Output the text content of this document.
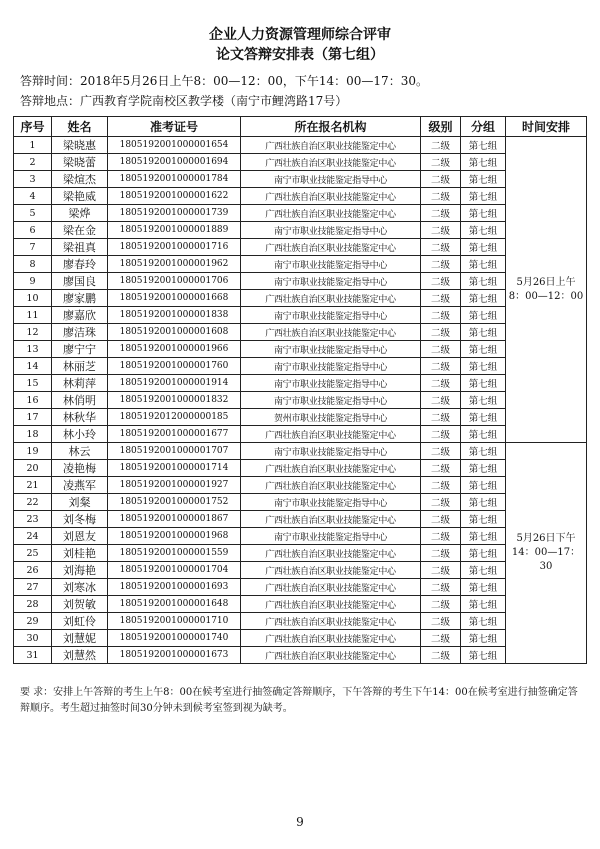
企业人力资源管理师综合评审
论文答辩安排表（第七组）
答辩时间：2018年5月26日上午8：00—12：00，下午14：00—17：30。
答辩地点：广西教育学院南校区教学楼（南宁市鲤湾路17号）
序号	姓名	准考证号	所在报名机构	级别	分组	时间安排
1	梁晓惠	1805192001000001654	广西壮族自治区职业技能鉴定中心	二级	第七组	5月26日上午
8：00—12：00

2	梁晓蕾	1805192001000001694	广西壮族自治区职业技能鉴定中心	二级	第七组	
3	梁煊杰	1805192001000001784	南宁市职业技能鉴定指导中心	二级	第七组	
4	梁艳威	1805192001000001622	广西壮族自治区职业技能鉴定中心	二级	第七组	
5	梁烨	1805192001000001739	广西壮族自治区职业技能鉴定中心	二级	第七组	
6	梁在金	1805192001000001889	南宁市职业技能鉴定指导中心	二级	第七组	
7	梁祖真	1805192001000001716	广西壮族自治区职业技能鉴定中心	二级	第七组	
8	廖春玲	1805192001000001962	南宁市职业技能鉴定指导中心	二级	第七组	
9	廖国良	1805192001000001706	南宁市职业技能鉴定指导中心	二级	第七组	
10	廖家鹏	1805192001000001668	广西壮族自治区职业技能鉴定中心	二级	第七组	
11	廖嘉欣	1805192001000001838	南宁市职业技能鉴定指导中心	二级	第七组	
12	廖洁珠	1805192001000001608	广西壮族自治区职业技能鉴定中心	二级	第七组	
13	廖宁宁	1805192001000001966	南宁市职业技能鉴定指导中心	二级	第七组	
14	林丽芝	1805192001000001760	南宁市职业技能鉴定指导中心	二级	第七组	
15	林莉萍	1805192001000001914	南宁市职业技能鉴定指导中心	二级	第七组	
16	林俏明	1805192001000001832	南宁市职业技能鉴定指导中心	二级	第七组	
17	林秋华	1805192012000000185	贺州市职业技能鉴定指导中心	二级	第七组	
18	林小玲	1805192001000001677	广西壮族自治区职业技能鉴定中心	二级	第七组	
19	林云	1805192001000001707	南宁市职业技能鉴定指导中心	二级	第七组	5月26日下午
14：00—17：30

20	凌艳梅	1805192001000001714	广西壮族自治区职业技能鉴定中心	二级	第七组	
21	凌燕军	1805192001000001927	广西壮族自治区职业技能鉴定中心	二级	第七组	
22	刘粲	1805192001000001752	南宁市职业技能鉴定指导中心	二级	第七组	
23	刘冬梅	1805192001000001867	广西壮族自治区职业技能鉴定中心	二级	第七组	
24	刘恩友	1805192001000001968	南宁市职业技能鉴定指导中心	二级	第七组	
25	刘桂艳	1805192001000001559	广西壮族自治区职业技能鉴定中心	二级	第七组	
26	刘海艳	1805192001000001704	广西壮族自治区职业技能鉴定中心	二级	第七组	
27	刘寒冰	1805192001000001693	广西壮族自治区职业技能鉴定中心	二级	第七组	
28	刘贺敏	1805192001000001648	广西壮族自治区职业技能鉴定中心	二级	第七组	
29	刘虹伶	1805192001000001710	广西壮族自治区职业技能鉴定中心	二级	第七组	
30	刘慧妮	1805192001000001740	广西壮族自治区职业技能鉴定中心	二级	第七组	
31	刘慧然	1805192001000001673	广西壮族自治区职业技能鉴定中心	二级	第七组	
要 求：安排上午答辩的考生上午8：00在候考室进行抽签确定答辩顺序，下午答辩的考生下午14：00在候考室进行抽签确定答辩顺序。考生超过抽签时间30分钟未到候考室签到视为缺考。
9
